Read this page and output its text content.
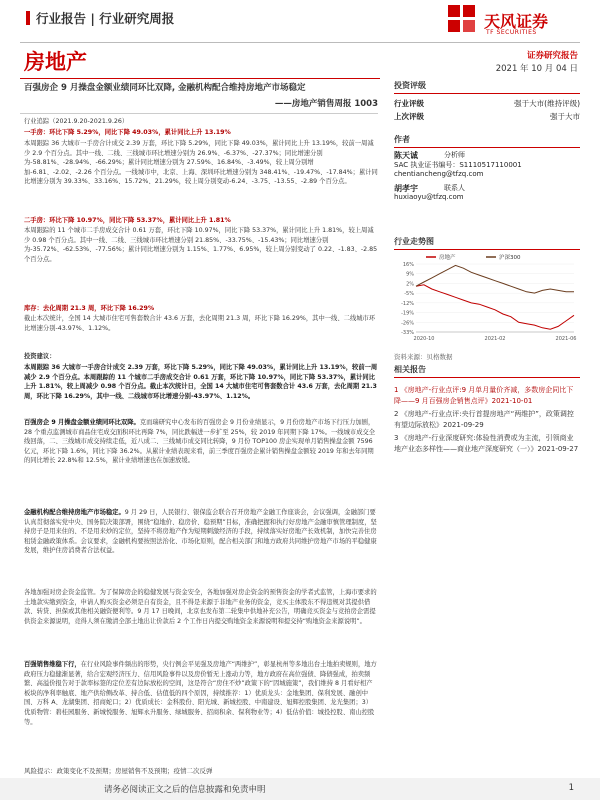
行业报告 | 行业研究周报	天风证券
TF SECURITIES
房地产	证券研究报告
2021 年 10 月 04 日
百强房企 9 月操盘金额业绩同环比双降, 金融机构配合维持房地产市场稳定
——房地产销售周报 1003
行业追踪（2021.9.20-2021.9.26）
一手房：环比下降 5.29%，同比下降 49.03%，累计同比上升 13.19%
本周跟踪 36 大城市一手房合计成交 2.39 万套，环比下降 5.29%，同比下降 49.03%，累计同比上升 13.19%，较前一周减少 2.9 个百分点。其中一线、二线、三线城市环比增速分别为 26.9%、-6.37%、-27.37%；同比增速分别为-58.81%、-28.94%、-66.29%；累计同比增速分别为 27.59%、16.84%、-3.49%，较上周分别增加-6.81、-2.02、-2.26 个百分点。一线城市中，北京、上海、深圳环比增速分别为 348.41%、-19.47%、-17.84%；累计同比增速分别为 39.33%、33.16%、15.72%、21.29%，较上周分别变动-6.24、-3.75、-13.55、-2.89 个百分点。
二手房：环比下降 10.97%，同比下降 53.37%，累计同比上升 1.81%
本周跟踪的 11 个城市二手房成交合计 0.61 万套，环比下降 10.97%，同比下降 53.37%，累计同比上升 1.81%，较上周减少 0.98 个百分点。其中一线、二线、三线城市环比增速分别 21.85%、-33.75%、-15.43%；同比增速分别为-35.72%、-62.53%、-77.56%；累计同比增速分别为 1.15%、1.77%、6.95%，较上周分别变动了 0.22、-1.83、-2.85 个百分点。
库存：去化周期 21.3 周，环比下降 16.29%
截止本次统计，全国 14 大城市住宅可售套数合计 43.6 万套，去化周期 21.3 周，环比下降 16.29%，其中一线、二线城市环比增速分别-43.97%、1.12%。
投资建议：
本周跟踪 36 大城市一手房合计成交 2.39 万套，环比下降 5.29%，同比下降 49.03%，累计同比上升 13.19%，较前一周减少 2.9 个百分点。本周跟踪的 11 个城市二手房成交合计 0.61 万套，环比下降 10.97%，同比下降 53.37%，累计同比上升 1.81%，较上周减少 0.98 个百分点。截止本次统计日，全国 14 大城市住宅可售套数合计 43.6 万套，去化周期 21.3 周，环比下降 16.29%，其中一线、二线城市环比增速分别-43.97%、1.12%。
百强房企 9 月操盘金额业绩同环比双降。克而瑞研究中心发布的百强房企 9 月份业绩显示，9 月份房地产市场下行压力加剧，28 个重点监测城市商品住宅成交面积环比再降 7%，同比跌幅进一步扩至 25%，较 2019 年同期下降 17%。一线城市成交全线回落，二、三线城市成交持续走低，近八成二、三线城市成交同比转降，9 月份 TOP100 房企实现单月销售操盘金额 7596 亿元，环比下降 1.6%，同比下降 36.2%。从累计业绩表现来看，前三季度百强房企累计销售操盘金额较 2019 年和去年同期的同比增长 22.8%和 12.5%，累计业绩增速也在加速放缓。
金融机构配合维持房地产市场稳定。9 月 29 日，人民银行、银保监会联合召开房地产金融工作座谈会，会议强调，金融部门要认真贯彻落实党中央、国务院决策部署，围绕“稳地价、稳房价、稳预期”目标，准确把握和执行好房地产金融审慎管理制度，坚持房子是用来住的、不是用来炒的定位，坚持不将房地产作为短期刺激经济的手段，持续落实好房地产长效机制，加快完善住房租赁金融政策体系。会议要求，金融机构要按照法治化、市场化原则，配合相关部门和地方政府共同维护房地产市场的平稳健康发展，维护住房消费者合法权益。
各地加强对房企资金监管。为了保障房企的稳健发展与资金安全，各地加强对房企资金的预售资金的学者式监管，上海市要求的土地款实缴到资金，申请人购买资金必须是自有资金，且不得是来源于非地产业务的资金，竞买主体股东不得违规对其提供借款、转贷、担保或其他相关融资便利等。9 月 17 日晚间，北京也发布第二轮集中供地补充公告，明确竞买资金与竞拍房企需提供资金来源说明，竞得人须在缴清全部土地出让价款后 2 个工作日内提交购地资金来源说明和提交持“购地资金来源说明”。
百强销售维稳下行，在行业风险事件频出的形势，央行例会平见强及房地产“两维护”，彰显杭州等多地出台土地拍卖规则，地方政府压力稳健渐显著，给合宏观经济压力、信用风险事件以及房价暂无上涨动力等，地方政府在高位强债、降债强成，拍卖频繁、高溢价报告对于款率标签的定位差有边际放松的空间，这是符合“房住不炒”政策下的“因城施策”，我们维持 8 月看好相产板块的净利率触底、地产供给侧改革、持合低、估值低的四个原因，持续推荐：1）优质龙头：金地集团、保利发展、融创中国、万科 A、龙湖集团、招商蛇口；2）优质成长：金科股份、阳光城、新城控股、中南建设、旭辉控股集团、龙光集团；3）优质物管：碧桂园服务、新城悦服务、旭辉永升服务、绿城服务、招商积余、保利物业等；4）低估价值：城投控股、南山控股等。
风险提示：政策变化不及预期；房屋销售不及预期；疫情二次反弹
投资评级
行业评级	强于大市(维持评级)
上次评级	强于大市
作者
陈天诚	分析师
SAC 执业证书编号：S1110517110001
chentiancheng@tfzq.com
胡孝宇	联系人
huxiaoyu@tfzq.com
行业走势图
16%
9%
2%
-5%
-12%
-19%
-26%
-33%
2020-10	2021-02	2021-06
房地产	沪深300
资料来源：贝格数据
相关报告
1 《房地产-行业点评:9 月单月量价齐减，多数房企同比下降——9 月百强房企销售点评》2021-10-01
2 《房地产-行业点评:央行首提房地产“两维护”，政策调控有望边际放松》2021-09-29
3 《房地产-行业深度研究:体验性消费或为主流，引领商业地产业态多样性——商业地产深度研究（一）》2021-09-27
请务必阅读正文之后的信息披露和免责申明	1
